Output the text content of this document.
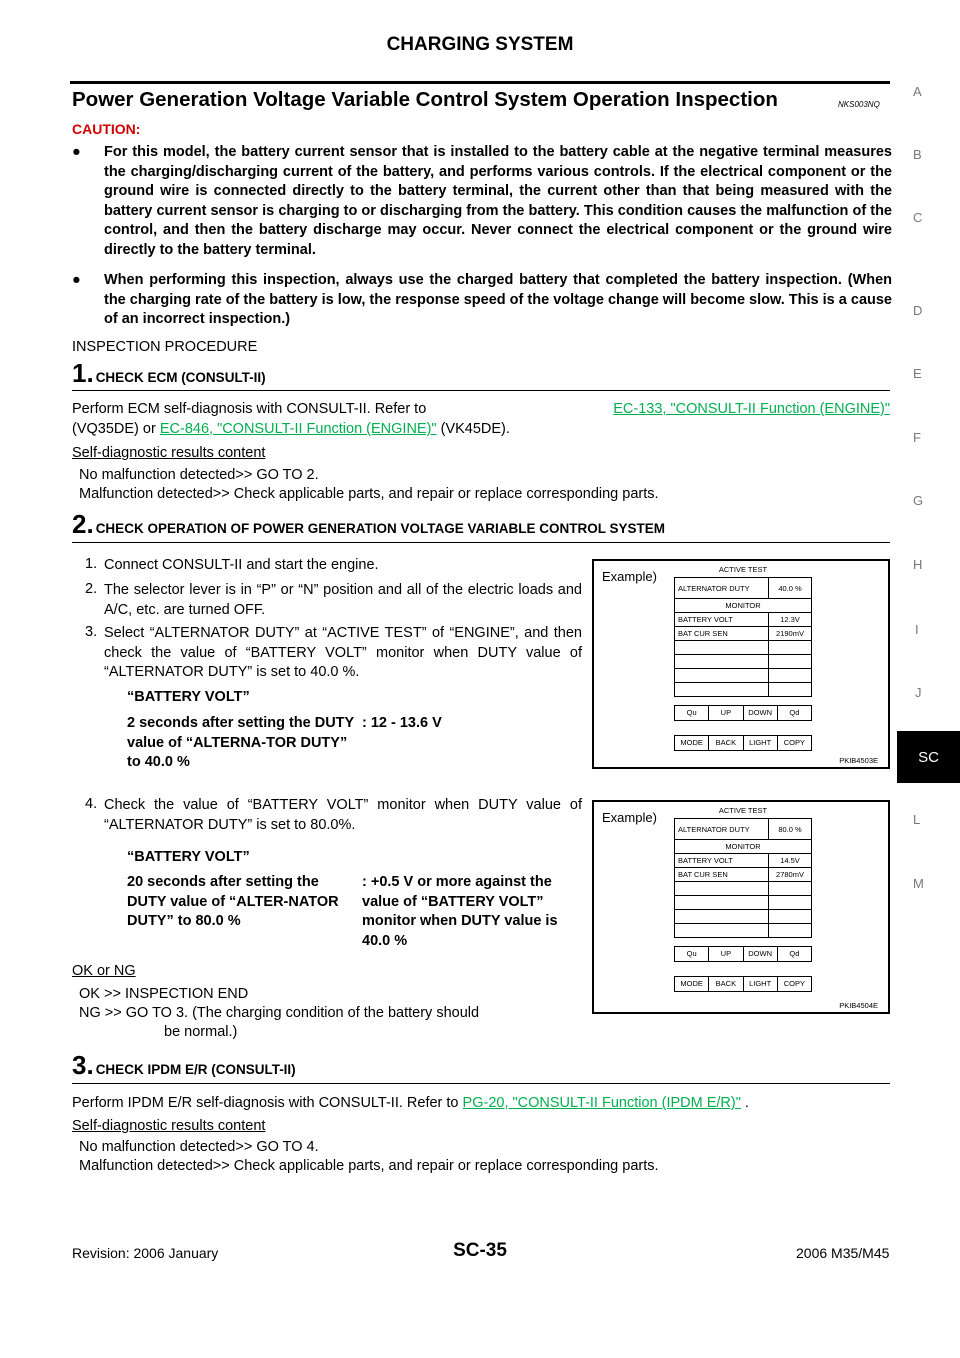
CHARGING SYSTEM
Power Generation Voltage Variable Control System Operation Inspection	NKS003NQ
CAUTION:
● For this model, the battery current sensor that is installed to the battery cable at the negative terminal measures the charging/discharging current of the battery, and performs various controls. If the electrical component or the ground wire is connected directly to the battery terminal, the current other than that being measured with the battery current sensor is charging to or discharging from the battery. This condition causes the malfunction of the control, and then the battery discharge may occur. Never connect the electrical component or the ground wire directly to the battery terminal.
● When performing this inspection, always use the charged battery that completed the battery inspection. (When the charging rate of the battery is low, the response speed of the voltage change will become slow. This is a cause of an incorrect inspection.)
INSPECTION PROCEDURE
1. CHECK ECM (CONSULT-II)
Perform ECM self-diagnosis with CONSULT-II. Refer to	EC-133, "CONSULT-II Function (ENGINE)"
(VQ35DE) or EC-846, "CONSULT-II Function (ENGINE)" (VK45DE).
Self-diagnostic results content
No malfunction detected>> GO TO 2.
Malfunction detected>> Check applicable parts, and repair or replace corresponding parts.
2. CHECK OPERATION OF POWER GENERATION VOLTAGE VARIABLE CONTROL SYSTEM
1. Connect CONSULT-II and start the engine.
2. The selector lever is in “P” or “N” position and all of the electric loads and A/C, etc. are turned OFF.
3. Select “ALTERNATOR DUTY” at “ACTIVE TEST” of “ENGINE”, and then check the value of “BATTERY VOLT” monitor when DUTY value of “ALTERNATOR DUTY” is set to 40.0 %.
“BATTERY VOLT”
2 seconds after setting the DUTY value of “ALTERNA-TOR DUTY” to 40.0 %
: 12 - 13.6 V
4. Check the value of “BATTERY VOLT” monitor when DUTY value of “ALTERNATOR DUTY” is set to 80.0%.
“BATTERY VOLT”
20 seconds after setting the DUTY value of “ALTER-NATOR DUTY” to 80.0 %
: +0.5 V or more against the value of “BATTERY VOLT” monitor when DUTY value is 40.0 %
OK or NG
OK >> INSPECTION END
NG >> GO TO 3. (The charging condition of the battery should
be normal.)
Example)	ACTIVE TEST
ALTERNATOR DUTY	40.0 %
MONITOR
BATTERY VOLT	12.3V
BAT CUR SEN	2190mV
Qu	UP	DOWN	Qd
MODE	BACK	LIGHT	COPY
PKIB4503E
Example)	ACTIVE TEST
ALTERNATOR DUTY	80.0 %
MONITOR
BATTERY VOLT	14.5V
BAT CUR SEN	2780mV
Qu	UP	DOWN	Qd
MODE	BACK	LIGHT	COPY
PKIB4504E
3. CHECK IPDM E/R (CONSULT-II)
Perform IPDM E/R self-diagnosis with CONSULT-II. Refer to PG-20, "CONSULT-II Function (IPDM E/R)" .
Self-diagnostic results content
No malfunction detected>> GO TO 4.
Malfunction detected>> Check applicable parts, and repair or replace corresponding parts.
A
B
C
D
E
F
G
H
I
J
SC
L
M
Revision: 2006 January	SC-35	2006 M35/M45
